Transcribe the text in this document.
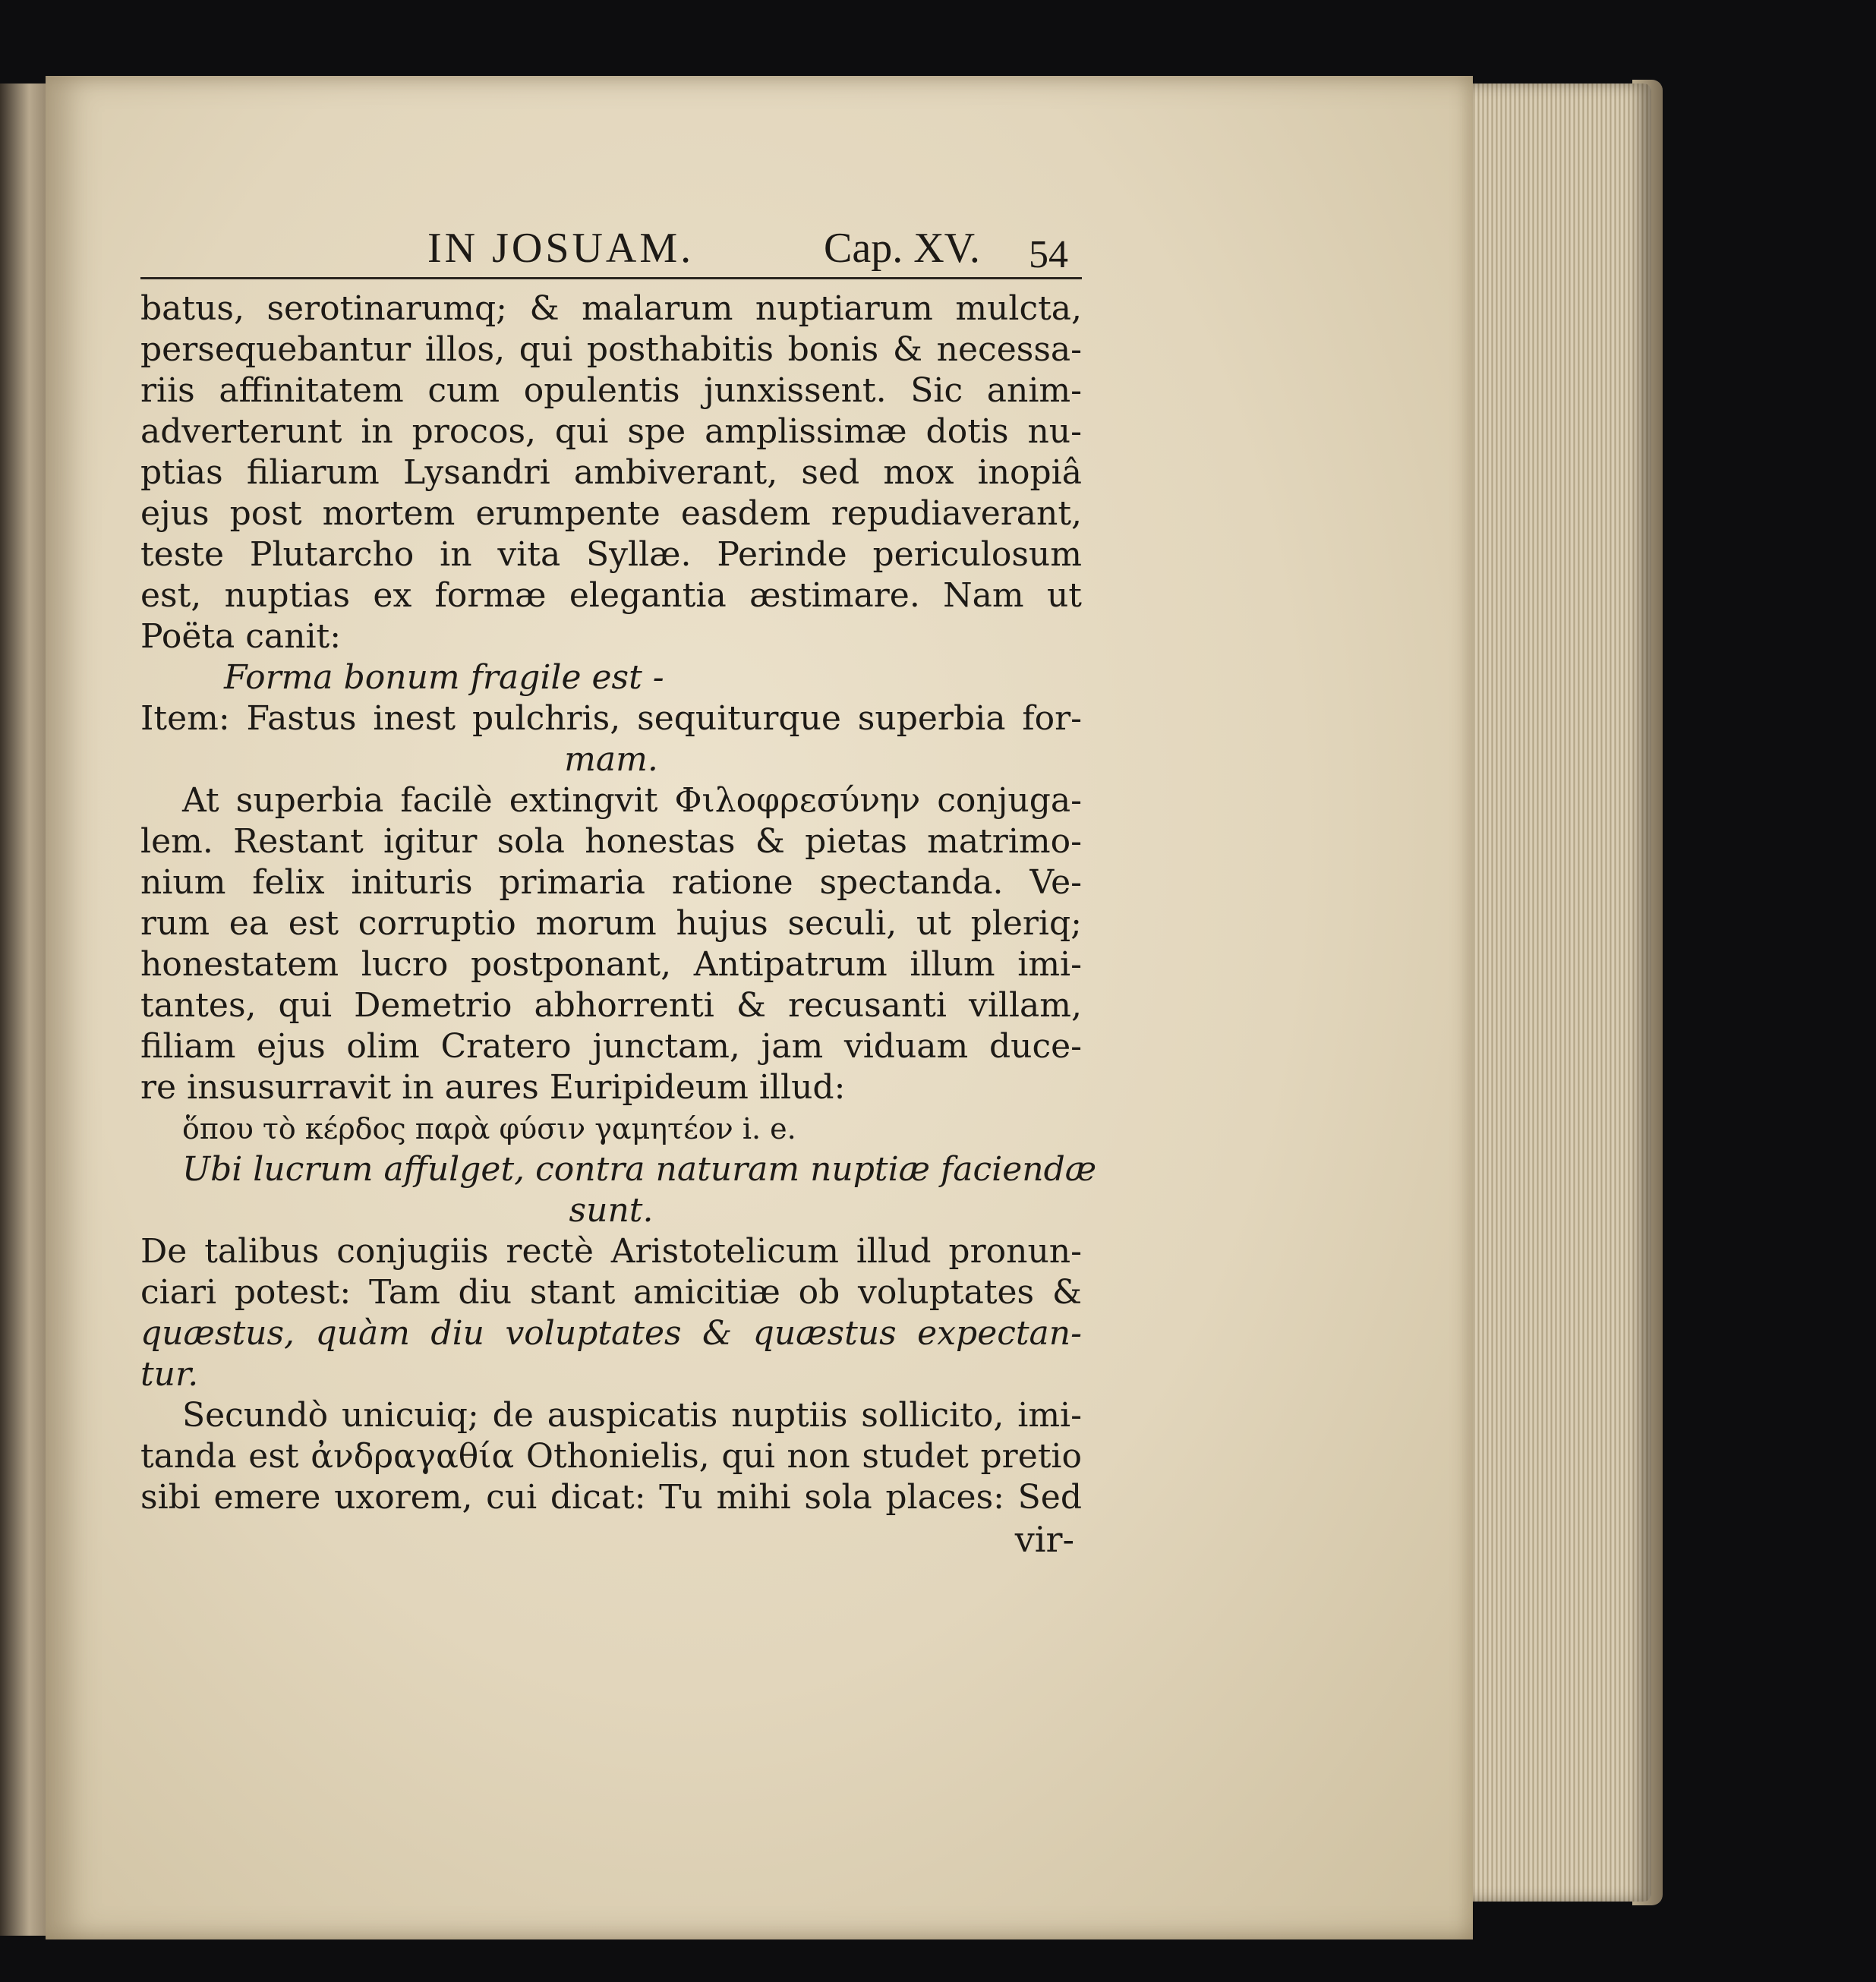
IN JOSUAM.	Cap. XV. 54
batus, serotinarumq; & malarum nuptiarum mulcta,
persequebantur illos, qui posthabitis bonis & necessa-
riis affinitatem cum opulentis junxissent. Sic anim-
adverterunt in procos, qui spe amplissimæ dotis nu-
ptias filiarum Lysandri ambiverant, sed mox inopiâ
ejus post mortem erumpente easdem repudiaverant,
teste Plutarcho in vita Syllæ. Perinde periculosum
est, nuptias ex formæ elegantia æstimare. Nam ut
Poëta canit:
Forma bonum fragile est -
Item: Fastus inest pulchris, sequiturque superbia for-
mam.
At superbia facilè extingvit Φιλοφρεσύνην conjuga-
lem. Restant igitur sola honestas & pietas matrimo-
nium felix inituris primaria ratione spectanda. Ve-
rum ea est corruptio morum hujus seculi, ut pleriq;
honestatem lucro postponant, Antipatrum illum imi-
tantes, qui Demetrio abhorrenti & recusanti villam,
filiam ejus olim Cratero junctam, jam viduam duce-
re insusurravit in aures Euripideum illud:
ὅπου τὸ κέρδος παρὰ φύσιν γαμητέον i. e.
Ubi lucrum affulget, contra naturam nuptiæ faciendæ
sunt.
De talibus conjugiis rectè Aristotelicum illud pronun-
ciari potest: Tam diu stant amicitiæ ob voluptates &
quæstus, quàm diu voluptates & quæstus expectan-
tur.
Secundò unicuiq; de auspicatis nuptiis sollicito, imi-
tanda est ἀνδραγαθία Othonielis, qui non studet pretio
sibi emere uxorem, cui dicat: Tu mihi sola places: Sed
vir-
